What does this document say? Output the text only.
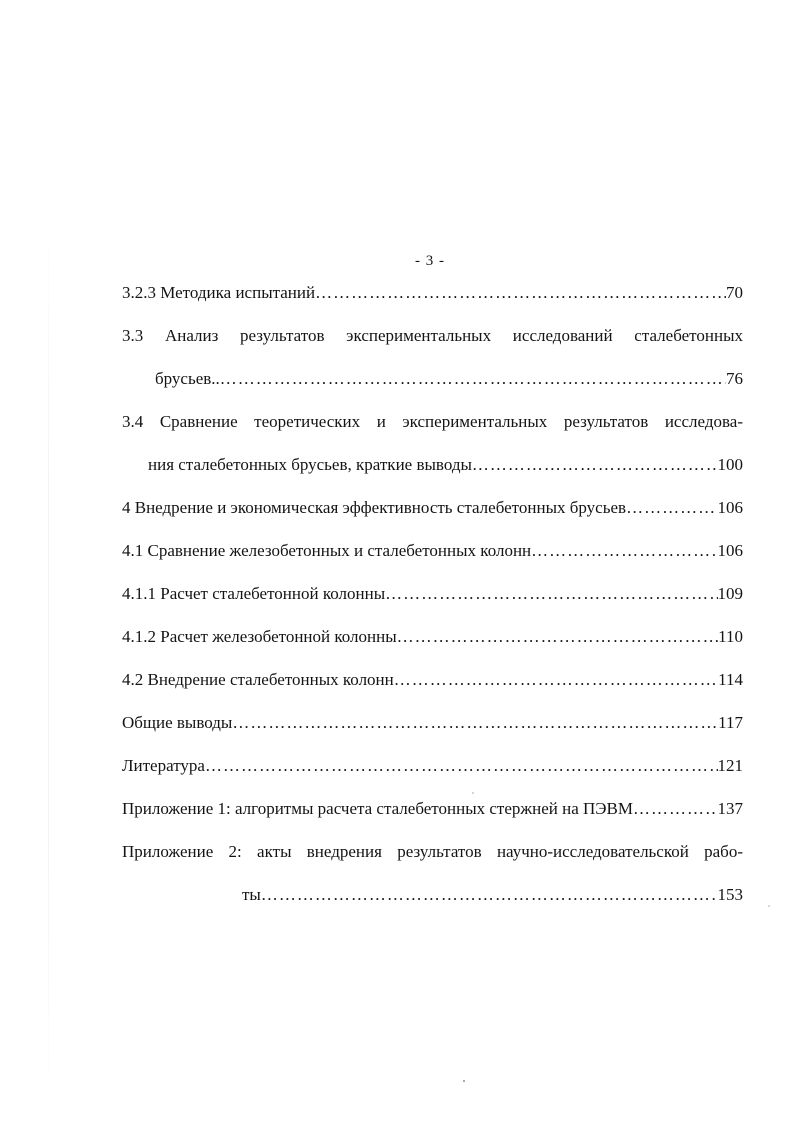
- 3 -
3.2.3 Методика испытаний ………………………………………………………………………………………………………………………………………………	70
3.3 Анализ результатов экспериментальных исследований сталебетонных
брусьев.. ………………………………………………………………………………………………………………………………………………	76
3.4 Сравнение теоретических и экспериментальных результатов исследова-
ния сталебетонных брусьев, краткие выводы ………………………………………………………………………………………………………………………………………………	100
4 Внедрение и экономическая эффективность сталебетонных брусьев ………………………………………………………………………………………………………………………………………………	106
4.1 Сравнение железобетонных и сталебетонных колонн ………………………………………………………………………………………………………………………………………………	106
4.1.1 Расчет сталебетонной колонны ………………………………………………………………………………………………………………………………………………	109
4.1.2 Расчет железобетонной колонны ………………………………………………………………………………………………………………………………………………	110
4.2 Внедрение сталебетонных колонн ………………………………………………………………………………………………………………………………………………	114
Общие выводы ………………………………………………………………………………………………………………………………………………	117
Литература ………………………………………………………………………………………………………………………………………………	121
Приложение 1: алгоритмы расчета сталебетонных стержней на ПЭВМ ………………………………………………………………………………………………………………………………………………	137
Приложение 2: акты внедрения результатов научно-исследовательской рабо-
ты ………………………………………………………………………………………………………………………………………………	153
